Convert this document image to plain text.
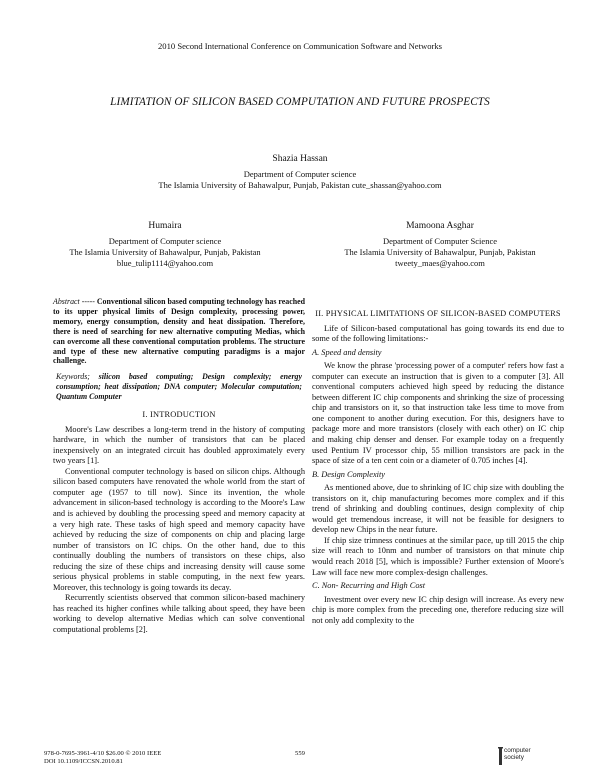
2010 Second International Conference on Communication Software and Networks
LIMITATION OF SILICON BASED COMPUTATION AND FUTURE PROSPECTS
Shazia Hassan
Department of Computer science
The Islamia University of Bahawalpur, Punjab, Pakistan cute_shassan@yahoo.com
Humaira
Department of Computer science
The Islamia University of Bahawalpur, Punjab, Pakistan
blue_tulip1114@yahoo.com
Mamoona Asghar
Department of Computer Science
The Islamia University of Bahawalpur, Punjab, Pakistan
tweety_maes@yahoo.com

Abstract ----- Conventional silicon based computing technology has reached to its upper physical limits of Design complexity, processing power, memory, energy consumption, density and heat dissipation. Therefore, there is need of searching for new alternative computing Medias, which can overcome all these conventional computation problems. The structure and type of these new alternative computing paradigms is a major challenge.

Keywords; silicon based computing; Design complexity; energy consumption; heat dissipation; DNA computer; Molecular computation; Quantum Computer

I. INTRODUCTION

Moore's Law describes a long-term trend in the history of computing hardware, in which the number of transistors that can be placed inexpensively on an integrated circuit has doubled approximately every two years [1].

Conventional computer technology is based on silicon chips. Although silicon based computers have renovated the whole world from the start of computer age (1957 to till now). Since its invention, the whole advancement in silicon-based technology is according to the Moore's Law and is achieved by doubling the processing speed and memory capacity at a very high rate. These tasks of high speed and memory capacity have achieved by reducing the size of components on chip and placing large number of transistors on IC chips. On the other hand, due to this continually doubling the numbers of transistors on these chips, also reducing the size of these chips and increasing density will cause some serious physical problems in stable computing, in the next few years. Moreover, this technology is going towards its decay.

Recurrently scientists observed that common silicon-based machinery has reached its higher confines while talking about speed, they have been working to develop alternative Medias which can solve conventional computational problems [2].

II. PHYSICAL LIMITATIONS OF SILICON-BASED COMPUTERS

Life of Silicon-based computational has going towards its end due to some of the following limitations:-

A. Speed and density

We know the phrase 'processing power of a computer' refers how fast a computer can execute an instruction that is given to a computer [3]. All conventional computers achieved high speed by reducing the distance between different IC chip components and shrinking the size of processing chip and transistors on it, so that instruction take less time to move from one component to another during execution. For this, designers have to package more and more transistors (closely with each other) on IC chip and making chip denser and denser. For example today on a frequently used Pentium IV processor chip, 55 million transistors are pack in the space of size of a ten cent coin or a diameter of 0.705 inches [4].

B. Design Complexity

As mentioned above, due to shrinking of IC chip size with doubling the transistors on it, chip manufacturing becomes more complex and if this trend of shrinking and doubling continues, design complexity of chip would get tremendous increase, it will not be feasible for designers to develop new Chips in the near future.

If chip size trimness continues at the similar pace, up till 2015 the chip size will reach to 10nm and number of transistors on that minute chip would reach 2018 [5], which is impossible? Further extension of Moore's Law will face new more complex-design challenges.

C. Non- Recurring and High Cost

Investment over every new IC chip design will increase. As every new chip is more complex from the preceding one, therefore reducing size will not only add complexity to the

978-0-7695-3961-4/10 $26.00 © 2010 IEEE
DOI 10.1109/ICCSN.2010.81
559	computer
society
